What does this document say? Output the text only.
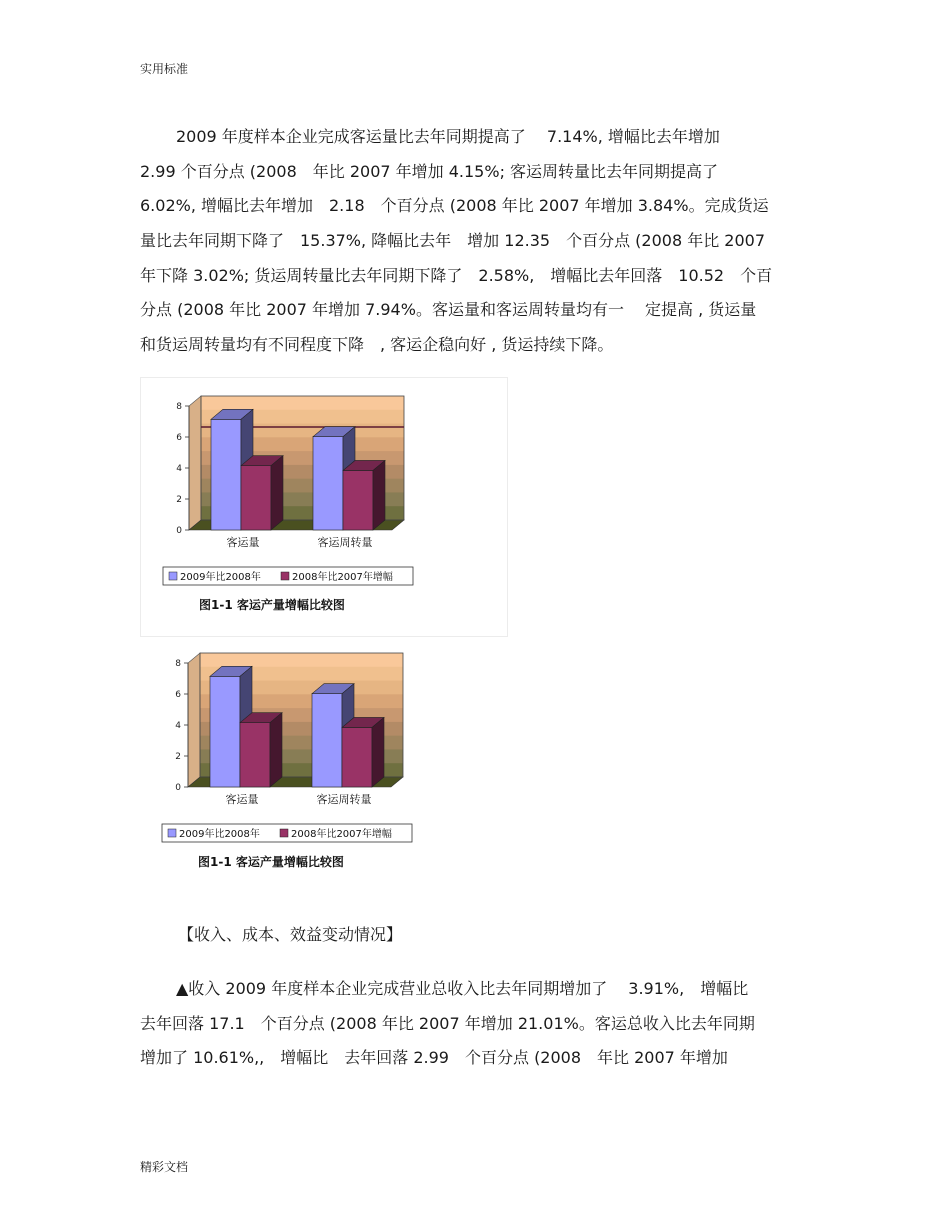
实用标准
2009 年度样本企业完成客运量比去年同期提高了　 7.14%, 增幅比去年增加
2.99 个百分点 (2008　年比 2007 年增加 4.15%; 客运周转量比去年同期提高了
6.02%, 增幅比去年增加　2.18　个百分点 (2008 年比 2007 年增加 3.84%。完成货运
量比去年同期下降了　15.37%, 降幅比去年　增加 12.35　个百分点 (2008 年比 2007
年下降 3.02%; 货运周转量比去年同期下降了　2.58%,　增幅比去年回落　10.52　个百
分点 (2008 年比 2007 年增加 7.94%。客运量和客运周转量均有一　 定提高 , 货运量
和货运周转量均有不同程度下降　, 客运企稳向好 , 货运持续下降。
0
2
4
6
8
客运量	客运周转量
2009年比2008年	2008年比2007年增幅
图1-1 客运产量增幅比较图
0
2
4
6
8
客运量	客运周转量
2009年比2008年	2008年比2007年增幅
图1-1 客运产量增幅比较图
【收入、成本、效益变动情况】
▲收入 2009 年度样本企业完成营业总收入比去年同期增加了　 3.91%,　增幅比
去年回落 17.1　个百分点 (2008 年比 2007 年增加 21.01%。客运总收入比去年同期
增加了 10.61%,,　增幅比　去年回落 2.99　个百分点 (2008　年比 2007 年增加
精彩文档
